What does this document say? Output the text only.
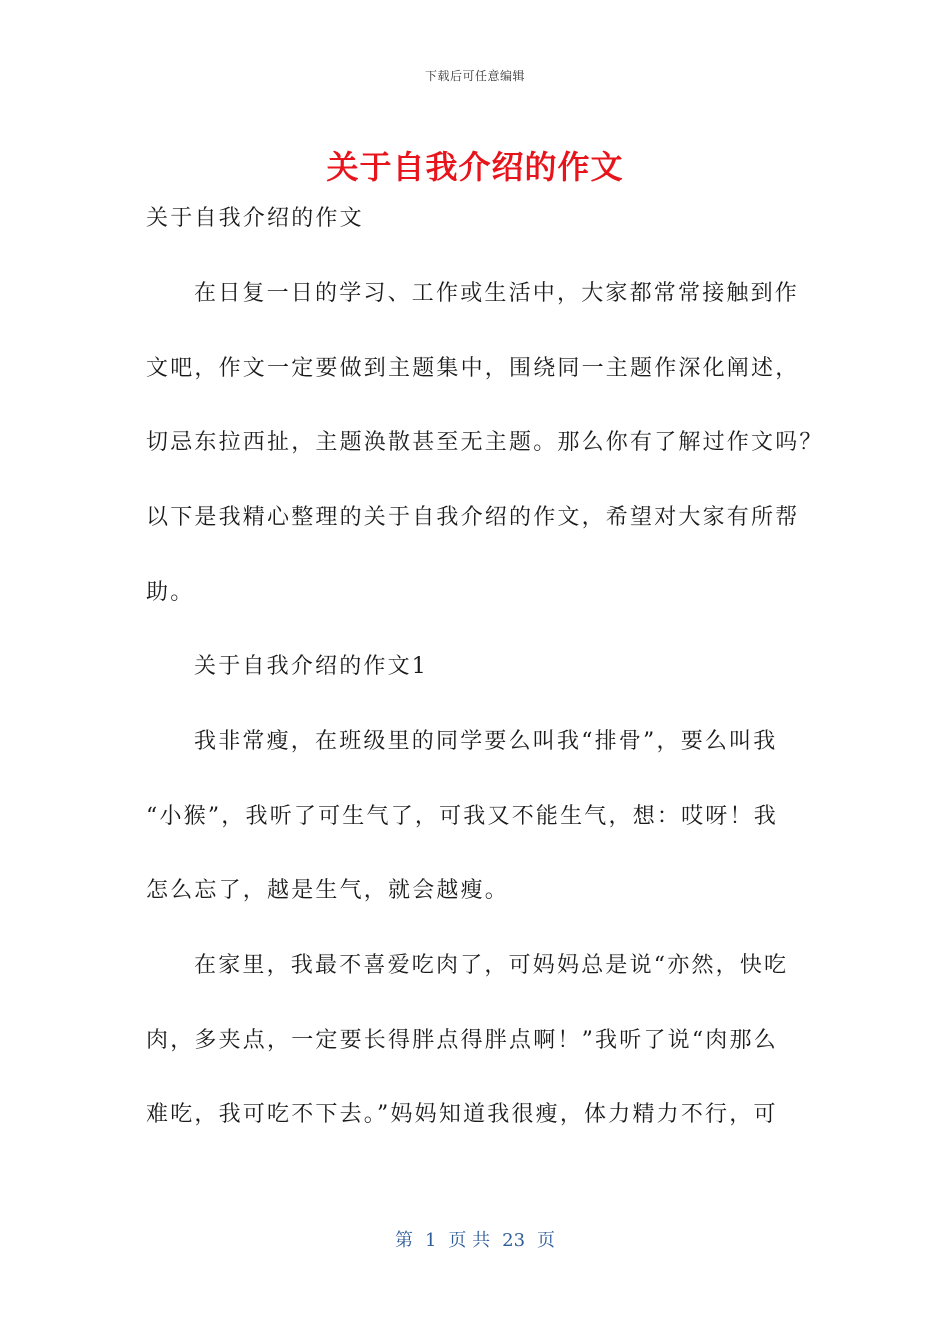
下载后可任意编辑
关于自我介绍的作文
关于自我介绍的作文
在日复一日的学习、工作或生活中，大家都常常接触到作
文吧，作文一定要做到主题集中，围绕同一主题作深化阐述，
切忌东拉西扯，主题涣散甚至无主题。那么你有了解过作文吗？
以下是我精心整理的关于自我介绍的作文，希望对大家有所帮
助。
关于自我介绍的作文1
我非常瘦，在班级里的同学要么叫我“排骨”，要么叫我
“小猴”，我听了可生气了，可我又不能生气，想：哎呀！我
怎么忘了，越是生气，就会越瘦。
在家里，我最不喜爱吃肉了，可妈妈总是说“亦然，快吃
肉，多夹点，一定要长得胖点得胖点啊！”我听了说“肉那么
难吃，我可吃不下去。”妈妈知道我很瘦，体力精力不行，可
第 1 页 共 23 页
